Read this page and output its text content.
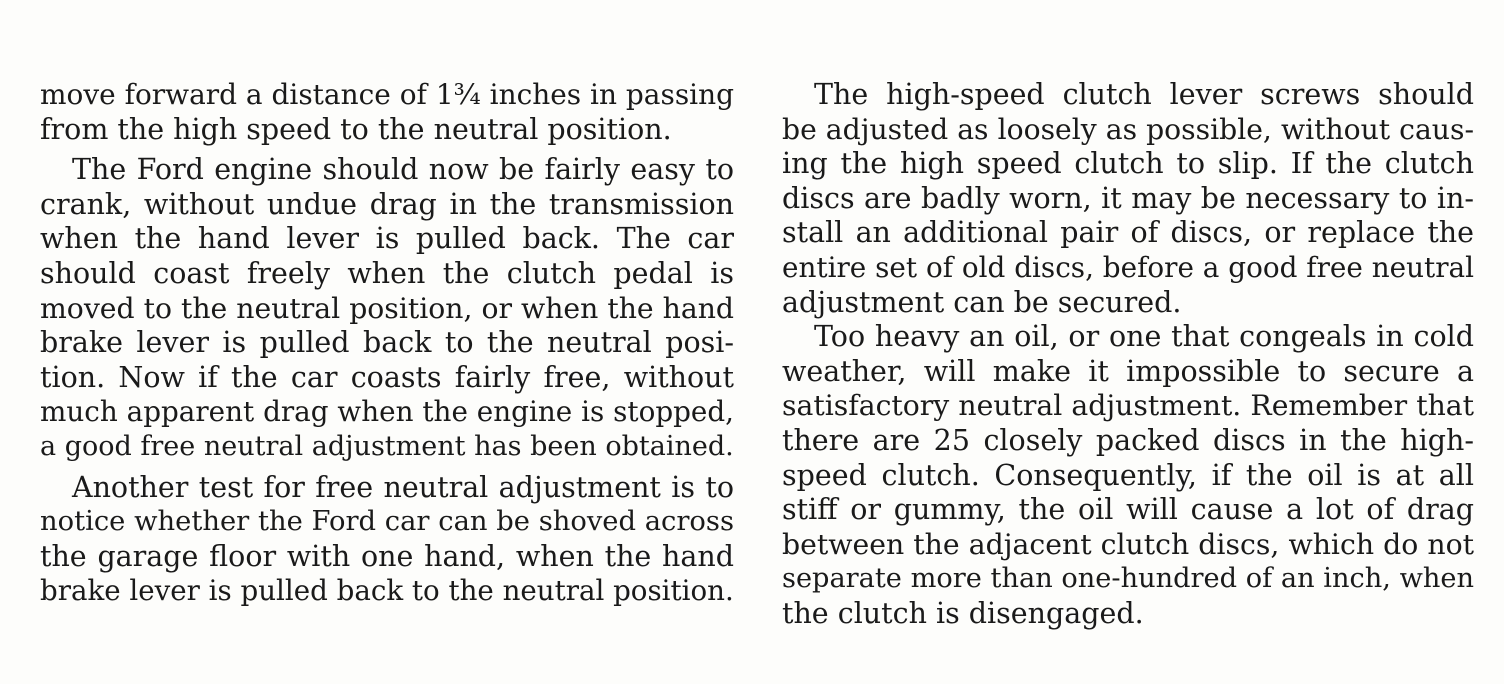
move forward a distance of 1¾ inches in passing
from the high speed to the neutral position.
The Ford engine should now be fairly easy to
crank, without undue drag in the transmission
when the hand lever is pulled back. The car
should coast freely when the clutch pedal is
moved to the neutral position, or when the hand
brake lever is pulled back to the neutral posi-
tion. Now if the car coasts fairly free, without
much apparent drag when the engine is stopped,
a good free neutral adjustment has been obtained.
Another test for free neutral adjustment is to
notice whether the Ford car can be shoved across
the garage floor with one hand, when the hand
brake lever is pulled back to the neutral position.
The high-speed clutch lever screws should
be adjusted as loosely as possible, without caus-
ing the high speed clutch to slip. If the clutch
discs are badly worn, it may be necessary to in-
stall an additional pair of discs, or replace the
entire set of old discs, before a good free neutral
adjustment can be secured.
Too heavy an oil, or one that congeals in cold
weather, will make it impossible to secure a
satisfactory neutral adjustment. Remember that
there are 25 closely packed discs in the high-
speed clutch. Consequently, if the oil is at all
stiff or gummy, the oil will cause a lot of drag
between the adjacent clutch discs, which do not
separate more than one-hundred of an inch, when
the clutch is disengaged.
